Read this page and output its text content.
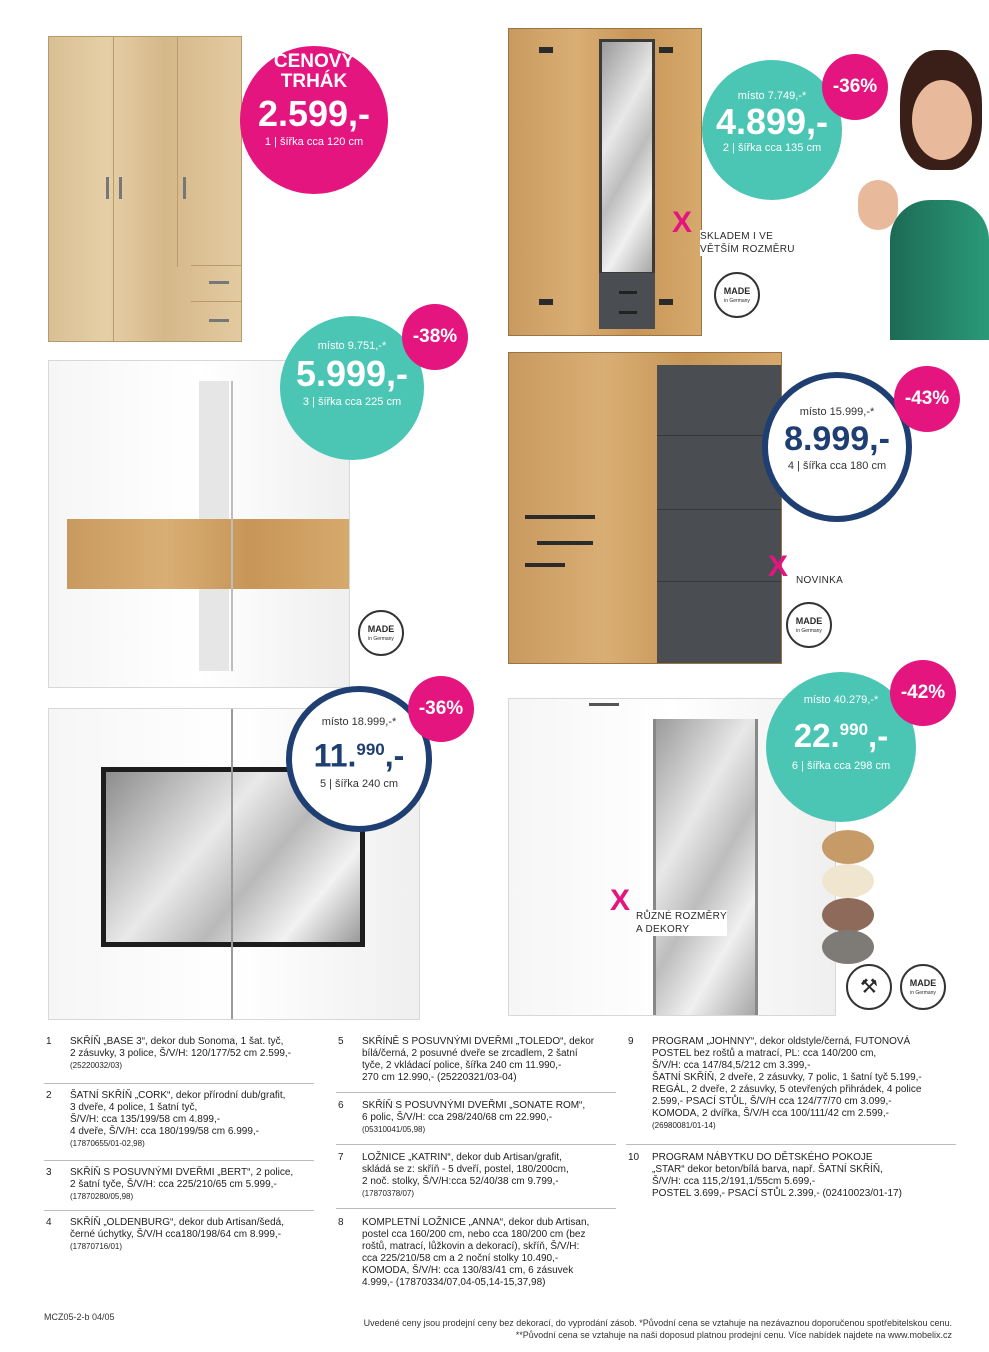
CENOVÝ
TRHÁK
2.599,-
1 | šířka cca 120 cm
místo 7.749,-*
4.899,-
2 | šířka cca 135 cm
-36%
místo 9.751,-*
5.999,-
3 | šířka cca 225 cm
-38%
místo 15.999,-*
8.999,-
4 | šířka cca 180 cm
-43%
místo 18.999,-*
11.$^{990}$,-
5 | šířka 240 cm
-36%	místo 40.279,-*
22.$^{990}$,-
6 | šířka cca 298 cm
-42%
X SKLADEM I VE
VĚTŠÍM ROZMĚRU
X NOVINKA
X RŮZNÉ ROZMĚRY
A DEKORY
MADE
in Germany
MADE
in Germany
MADE
in Germany
⚒	MADE
in Germany
1 SKŘÍŇ „BASE 3“, dekor dub Sonoma, 1 šat. tyč,
2 zásuvky, 3 police, Š/V/H: 120/177/52 cm 2.599,-
(25220032/03)
2 ŠATNÍ SKŘÍŇ „CORK“, dekor přírodní dub/grafit,
3 dveře, 4 police, 1 šatní tyč,
Š/V/H: cca 135/199/58 cm 4.899,-
4 dveře, Š/V/H: cca 180/199/58 cm 6.999,-
(17870655/01-02,98)
3 SKŘÍŇ S POSUVNÝMI DVEŘMI „BERT“, 2 police,
2 šatní tyče, Š/V/H: cca 225/210/65 cm 5.999,-
(17870280/05,98)
4 SKŘÍŇ „OLDENBURG“, dekor dub Artisan/šedá,
černé úchytky, Š/V/H cca180/198/64 cm 8.999,-
(17870716/01)
5 SKŘÍNĚ S POSUVNÝMI DVEŘMI „TOLEDO“, dekor
bílá/černá, 2 posuvné dveře se zrcadlem, 2 šatní
tyče, 2 vkládací police, šířka 240 cm 11.990,-
270 cm 12.990,- (25220321/03-04)
6 SKŘÍŇ S POSUVNÝMI DVEŘMI „SONATE ROM“,
6 polic, Š/V/H: cca 298/240/68 cm 22.990,-
(05310041/05,98)
7 LOŽNICE „KATRIN“, dekor dub Artisan/grafit,
skládá se z: skříň - 5 dveří, postel, 180/200cm,
2 noč. stolky, Š/V/H:cca 52/40/38 cm 9.799,-
(17870378/07)
8 KOMPLETNÍ LOŽNICE „ANNA“, dekor dub Artisan,
postel cca 160/200 cm, nebo cca 180/200 cm (bez
roštů, matrací, lůžkovin a dekorací), skříň, Š/V/H:
cca 225/210/58 cm a 2 noční stolky 10.490,-
KOMODA, Š/V/H: cca 130/83/41 cm, 6 zásuvek
4.999,- (17870334/07,04-05,14-15,37,98)
9 PROGRAM „JOHNNY“, dekor oldstyle/černá, FUTONOVÁ
POSTEL bez roštů a matrací, PL: cca 140/200 cm,
Š/V/H: cca 147/84,5/212 cm 3.399,-
ŠATNÍ SKŘÍŇ, 2 dveře, 2 zásuvky, 7 polic, 1 šatní tyč 5.199,-
REGÁL, 2 dveře, 2 zásuvky, 5 otevřených přihrádek, 4 police
2.599,- PSACÍ STŮL, Š/V/H cca 124/77/70 cm 3.099,-
KOMODA, 2 dvířka, Š/V/H cca 100/111/42 cm 2.599,-
(26980081/01-14)
10 PROGRAM NÁBYTKU DO DĚTSKÉHO POKOJE
„STAR“ dekor beton/bílá barva, např. ŠATNÍ SKŘÍŇ,
Š/V/H: cca 115,2/191,1/55cm 5.699,-
POSTEL 3.699,- PSACÍ STŮL 2.399,- (02410023/01-17)
MCZ05-2-b 04/05
Uvedené ceny jsou prodejní ceny bez dekorací, do vyprodání zásob. *Původní cena se vztahuje na nezávaznou doporučenou spotřebitelskou cenu.
**Původní cena se vztahuje na naši doposud platnou prodejní cenu. Více nabídek najdete na www.mobelix.cz
